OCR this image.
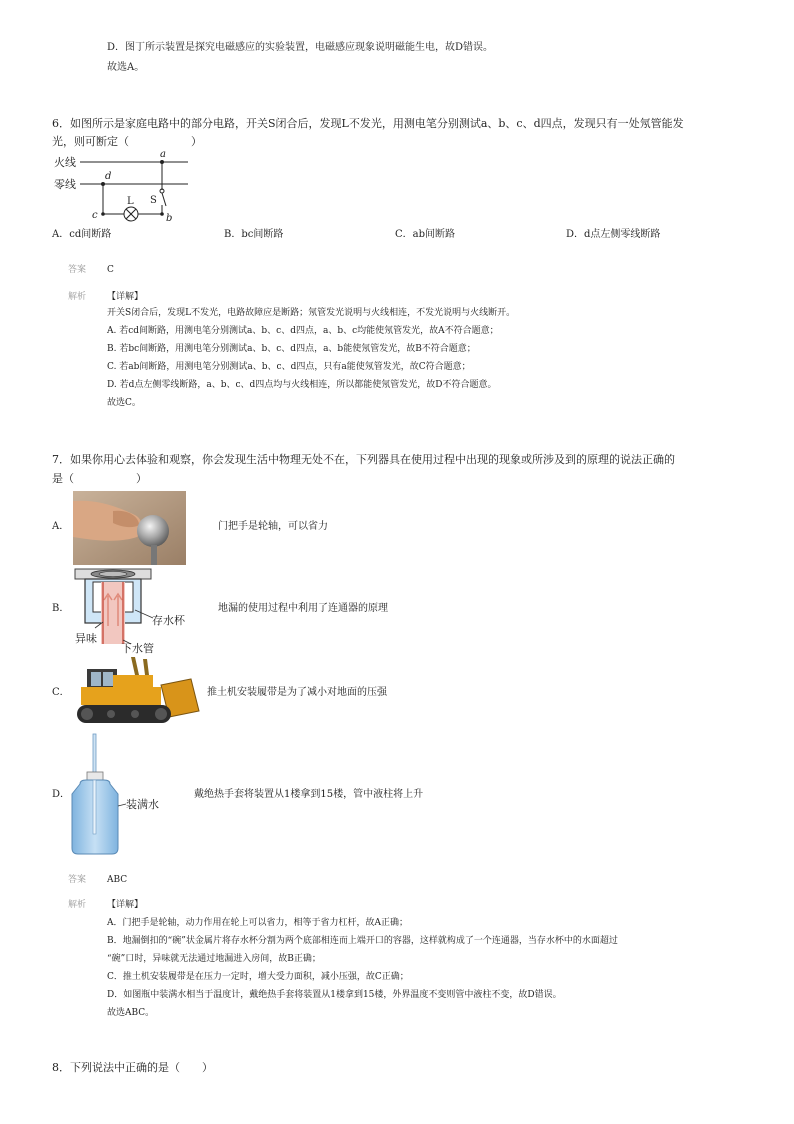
D．图丁所示装置是探究电磁感应的实验装置，电磁感应现象说明磁能生电，故D错误。
故选A。
6．如图所示是家庭电路中的部分电路，开关S闭合后，发现L不发光，用测电笔分别测试a、b、c、d四点，发现只有一处氖管能发
光，则可断定（	）
火线
零线
a
d
c	b
L S
A．cd间断路	B．bc间断路	C．ab间断路	D．d点左侧零线断路
答案 C
解析 【详解】
开关S闭合后，发现L不发光，电路故障应是断路；氖管发光说明与火线相连，不发光说明与火线断开。
A. 若cd间断路，用测电笔分别测试a、b、c、d四点，a、b、c均能使氖管发光，故A不符合题意；
B. 若bc间断路，用测电笔分别测试a、b、c、d四点，a、b能使氖管发光，故B不符合题意；
C. 若ab间断路，用测电笔分别测试a、b、c、d四点，只有a能使氖管发光，故C符合题意；
D. 若d点左侧零线断路，a、b、c、d四点均与火线相连，所以都能使氖管发光，故D不符合题意。
故选C。
7．如果你用心去体验和观察，你会发现生活中物理无处不在，下列器具在使用过程中出现的现象或所涉及到的原理的说法正确的
是（	）
A．	门把手是轮轴，可以省力
B．
存水杯
异味
下水管
地漏的使用过程中利用了连通器的原理
C．	推土机安装履带是为了减小对地面的压强
D．
装满水
戴绝热手套将装置从1楼拿到15楼，管中液柱将上升
答案 ABC
解析 【详解】
A．门把手是轮轴，动力作用在轮上可以省力，相等于省力杠杆，故A正确；
B．地漏倒扣的“碗”状金属片将存水杯分割为两个底部相连而上端开口的容器，这样就构成了一个连通器，当存水杯中的水面超过
“碗”口时，异味就无法通过地漏进入房间，故B正确；
C．推土机安装履带是在压力一定时，增大受力面积，减小压强，故C正确；
D．如图瓶中装满水相当于温度计，戴绝热手套将装置从1楼拿到15楼，外界温度不变则管中液柱不变，故D错误。
故选ABC。
8．下列说法中正确的是（ ）
